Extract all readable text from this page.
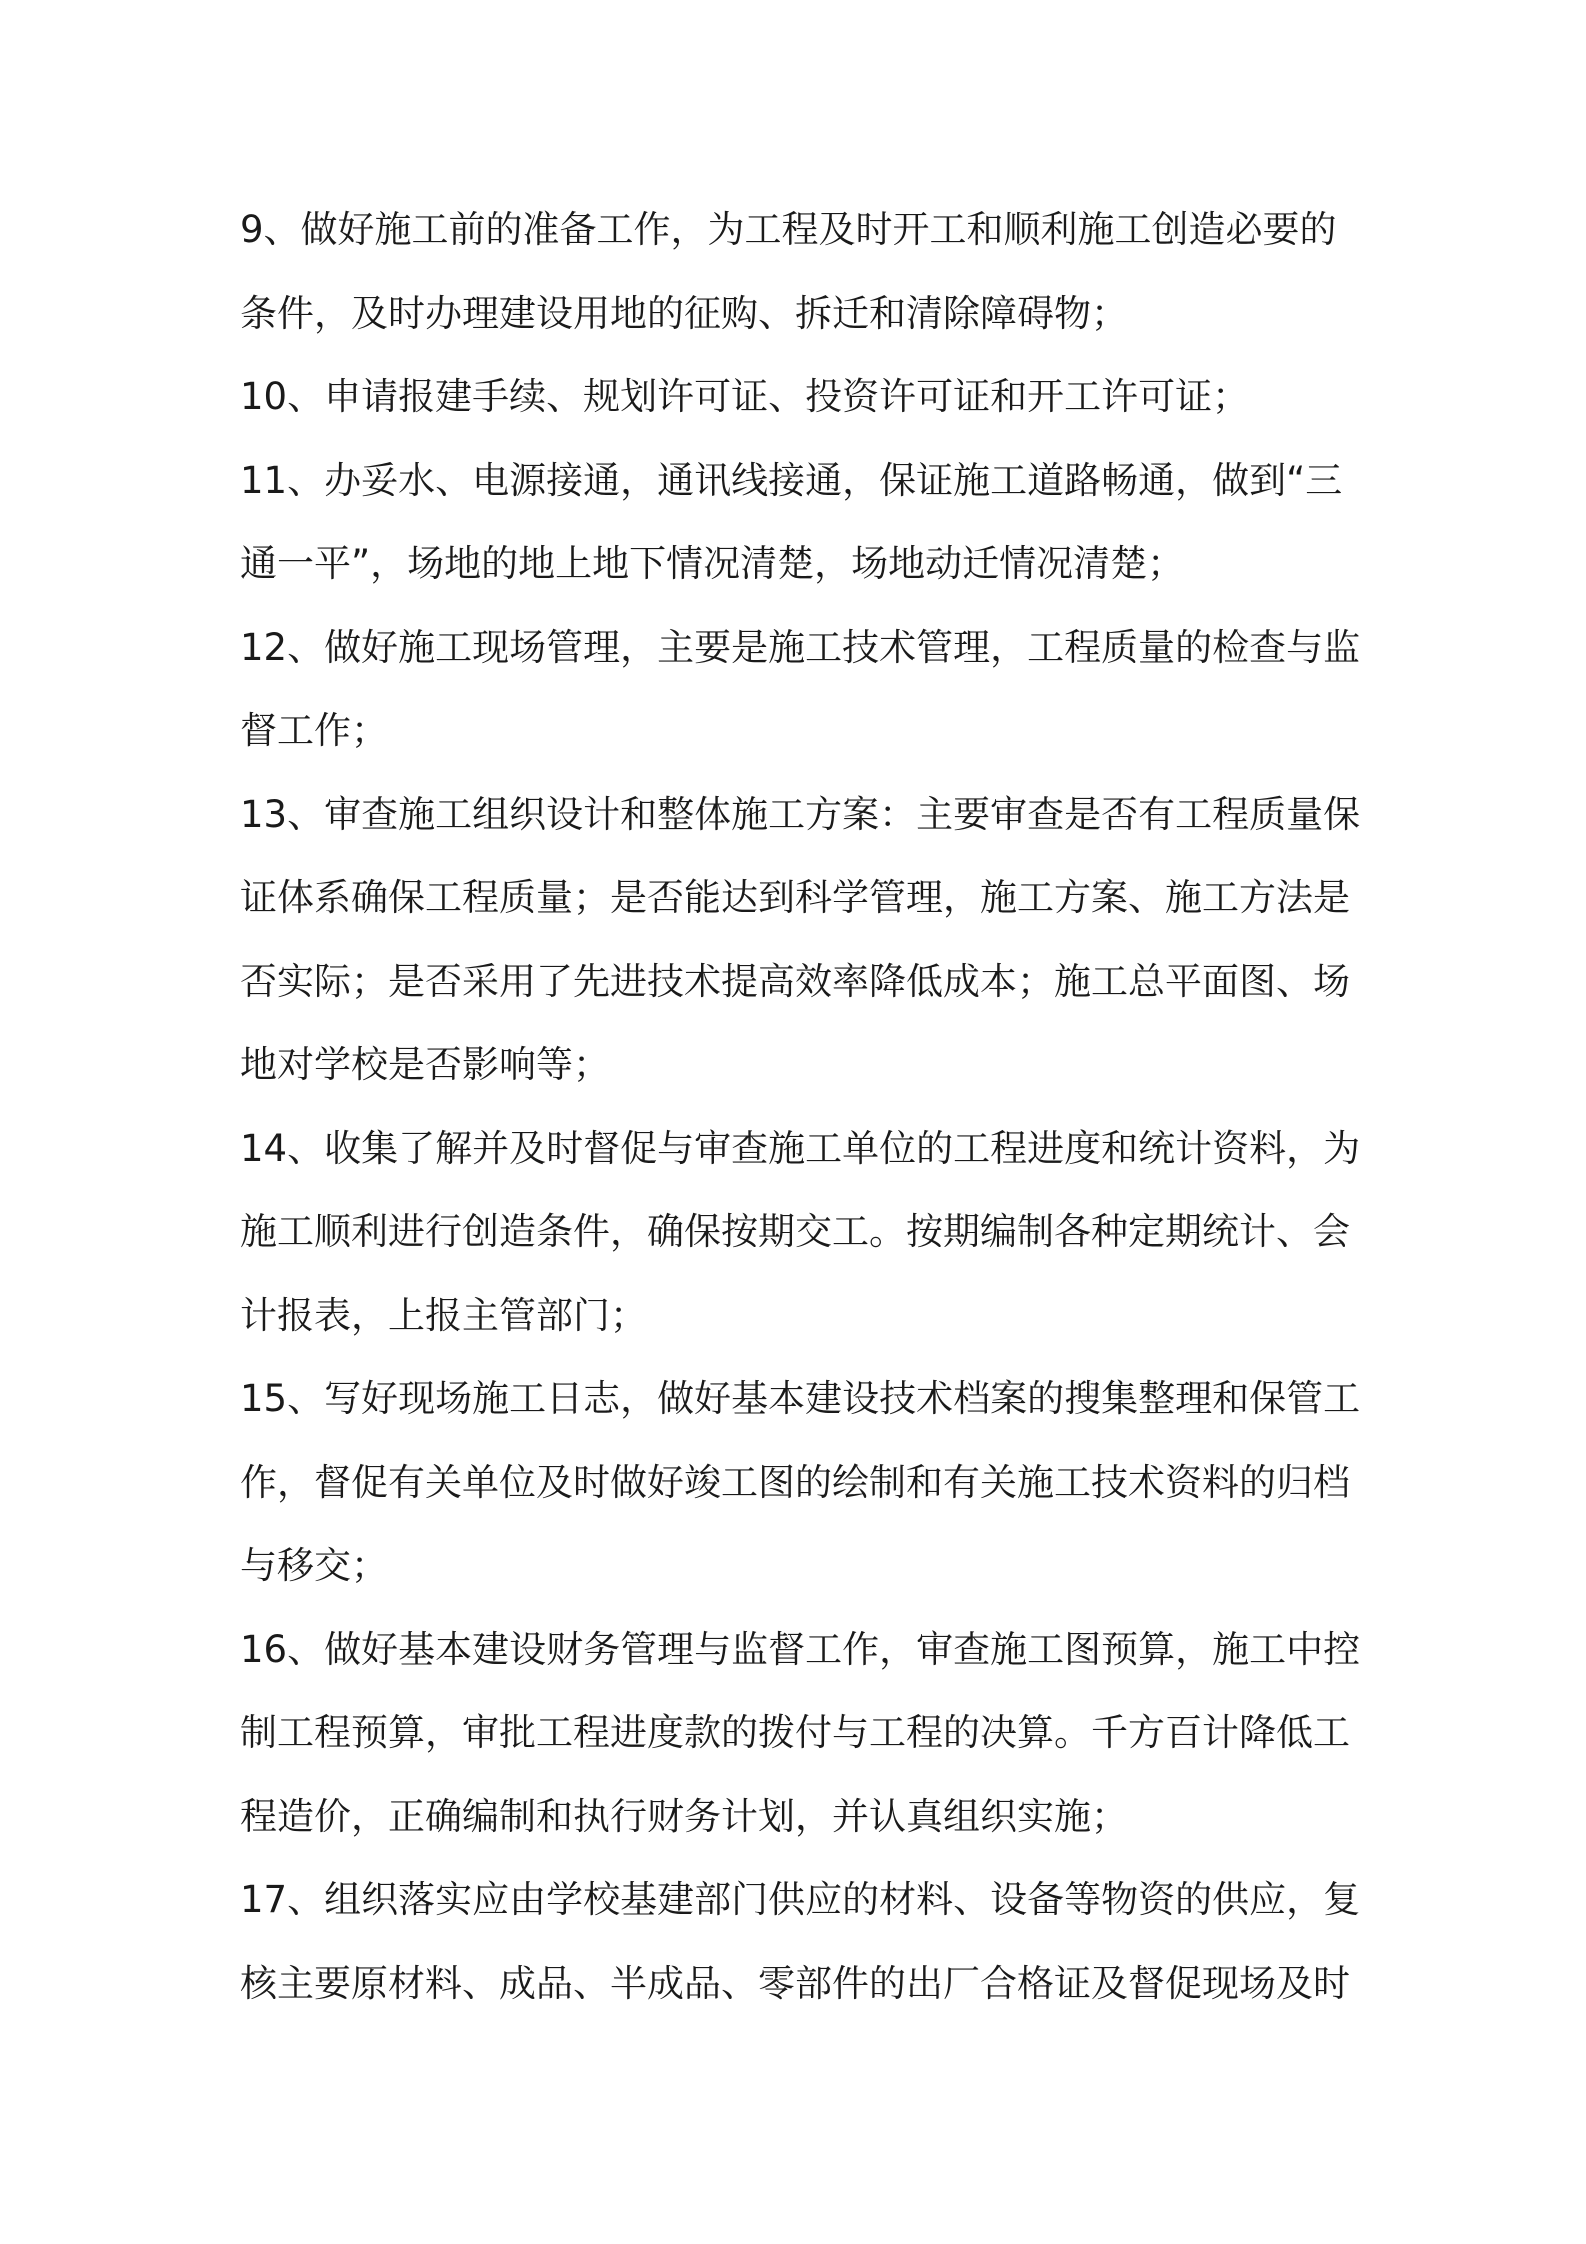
9、做好施工前的准备工作，为工程及时开工和顺利施工创造必要的
条件，及时办理建设用地的征购、拆迁和清除障碍物；
10、申请报建手续、规划许可证、投资许可证和开工许可证；
11、办妥水、电源接通，通讯线接通，保证施工道路畅通，做到“三
通一平”，场地的地上地下情况清楚，场地动迁情况清楚；
12、做好施工现场管理，主要是施工技术管理，工程质量的检查与监
督工作；
13、审查施工组织设计和整体施工方案：主要审查是否有工程质量保
证体系确保工程质量；是否能达到科学管理，施工方案、施工方法是
否实际；是否采用了先进技术提高效率降低成本；施工总平面图、场
地对学校是否影响等；
14、收集了解并及时督促与审查施工单位的工程进度和统计资料，为
施工顺利进行创造条件，确保按期交工。按期编制各种定期统计、会
计报表，上报主管部门；
15、写好现场施工日志，做好基本建设技术档案的搜集整理和保管工
作，督促有关单位及时做好竣工图的绘制和有关施工技术资料的归档
与移交；
16、做好基本建设财务管理与监督工作，审查施工图预算，施工中控
制工程预算，审批工程进度款的拨付与工程的决算。千方百计降低工
程造价，正确编制和执行财务计划，并认真组织实施；
17、组织落实应由学校基建部门供应的材料、设备等物资的供应，复
核主要原材料、成品、半成品、零部件的出厂合格证及督促现场及时
